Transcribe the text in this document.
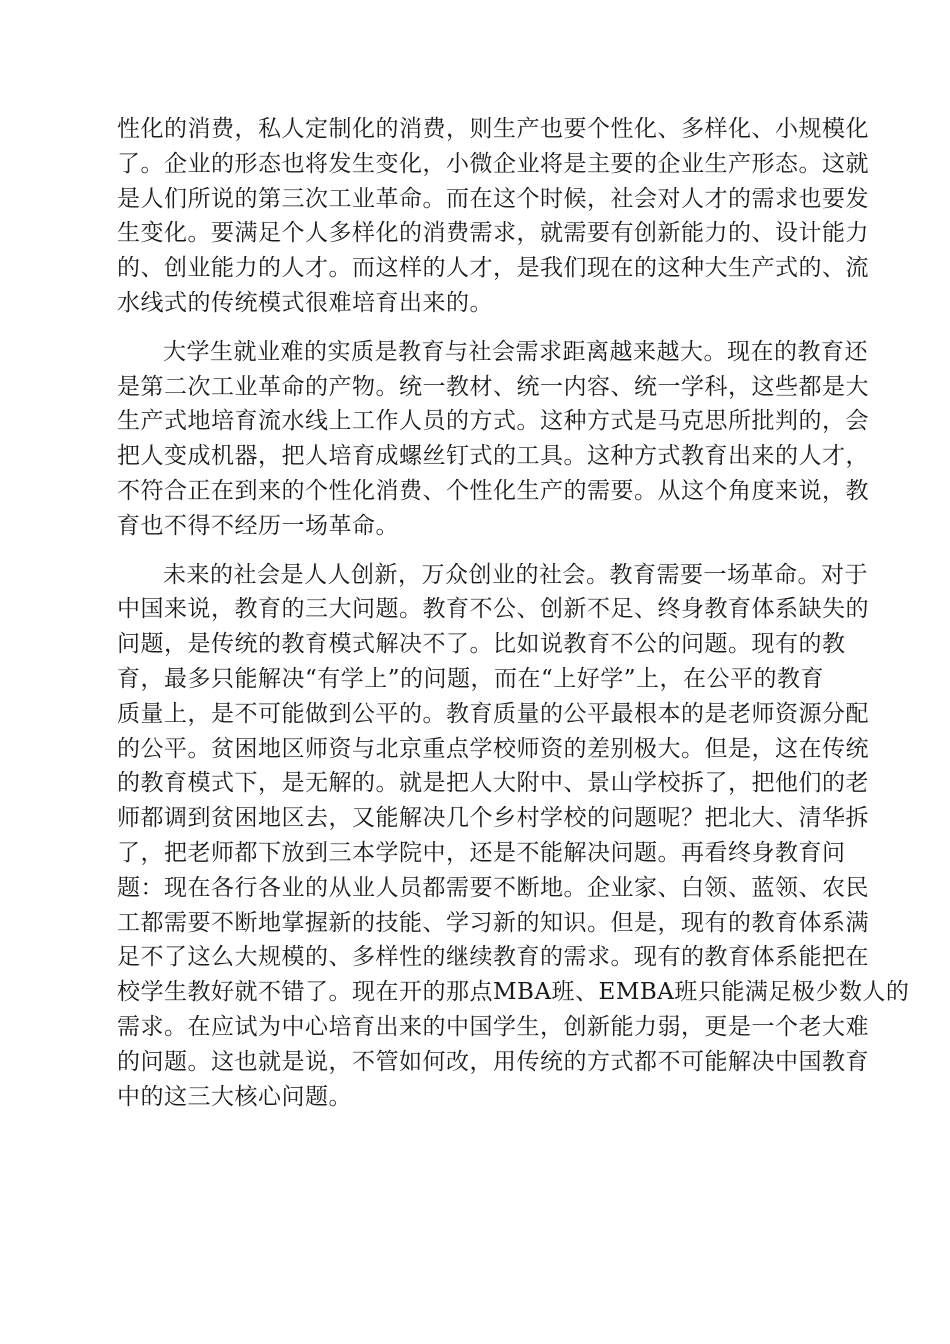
性化的消费，私人定制化的消费，则生产也要个性化、多样化、小规模化
了。企业的形态也将发生变化，小微企业将是主要的企业生产形态。这就
是人们所说的第三次工业革命。而在这个时候，社会对人才的需求也要发
生变化。要满足个人多样化的消费需求，就需要有创新能力的、设计能力
的、创业能力的人才。而这样的人才，是我们现在的这种大生产式的、流
水线式的传统模式很难培育出来的。
大学生就业难的实质是教育与社会需求距离越来越大。现在的教育还
是第二次工业革命的产物。统一教材、统一内容、统一学科，这些都是大
生产式地培育流水线上工作人员的方式。这种方式是马克思所批判的，会
把人变成机器，把人培育成螺丝钉式的工具。这种方式教育出来的人才，
不符合正在到来的个性化消费、个性化生产的需要。从这个角度来说，教
育也不得不经历一场革命。
未来的社会是人人创新，万众创业的社会。教育需要一场革命。对于
中国来说，教育的三大问题。教育不公、创新不足、终身教育体系缺失的
问题，是传统的教育模式解决不了。比如说教育不公的问题。现有的教
育，最多只能解决“有学上”的问题，而在“上好学”上，在公平的教育
质量上，是不可能做到公平的。教育质量的公平最根本的是老师资源分配
的公平。贫困地区师资与北京重点学校师资的差别极大。但是，这在传统
的教育模式下，是无解的。就是把人大附中、景山学校拆了，把他们的老
师都调到贫困地区去，又能解决几个乡村学校的问题呢？把北大、清华拆
了，把老师都下放到三本学院中，还是不能解决问题。再看终身教育问
题：现在各行各业的从业人员都需要不断地。企业家、白领、蓝领、农民
工都需要不断地掌握新的技能、学习新的知识。但是，现有的教育体系满
足不了这么大规模的、多样性的继续教育的需求。现有的教育体系能把在
校学生教好就不错了。现在开的那点MBA班、EMBA班只能满足极少数人的
需求。在应试为中心培育出来的中国学生，创新能力弱，更是一个老大难
的问题。这也就是说，不管如何改，用传统的方式都不可能解决中国教育
中的这三大核心问题。
